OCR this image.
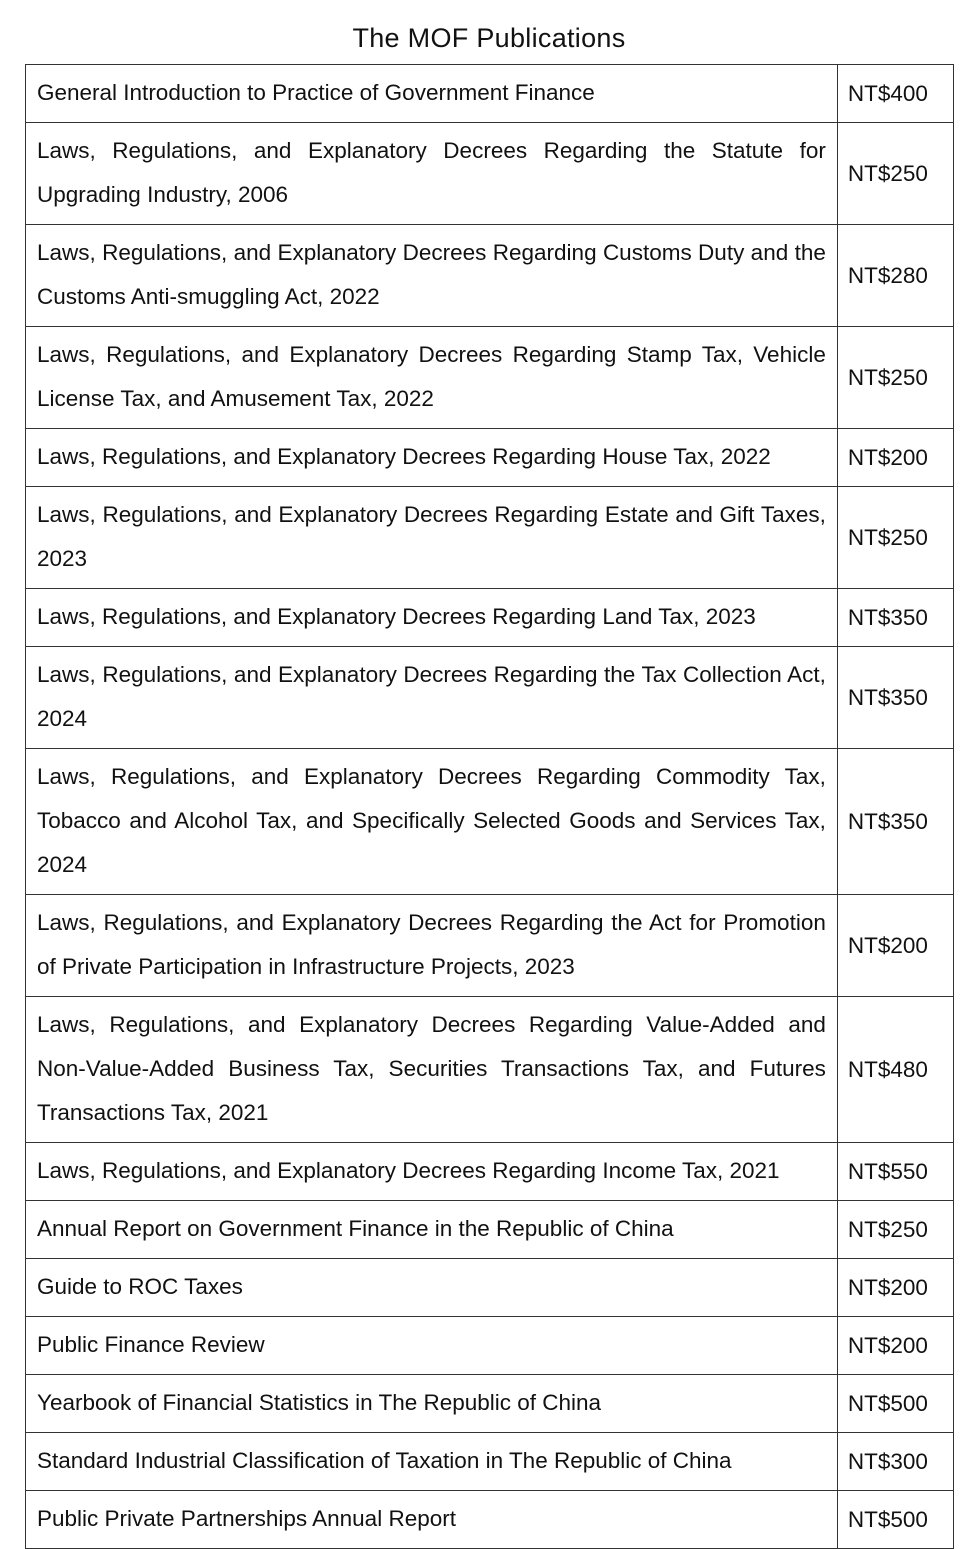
The MOF Publications
General Introduction to Practice of Government Finance	NT$400
Laws, Regulations, and Explanatory Decrees Regarding the Statute for Upgrading Industry, 2006	NT$250
Laws, Regulations, and Explanatory Decrees Regarding Customs Duty and the Customs Anti-smuggling Act, 2022	NT$280
Laws, Regulations, and Explanatory Decrees Regarding Stamp Tax, Vehicle License Tax, and Amusement Tax, 2022	NT$250
Laws, Regulations, and Explanatory Decrees Regarding House Tax, 2022	NT$200
Laws, Regulations, and Explanatory Decrees Regarding Estate and Gift Taxes, 2023	NT$250
Laws, Regulations, and Explanatory Decrees Regarding Land Tax, 2023	NT$350
Laws, Regulations, and Explanatory Decrees Regarding the Tax Collection Act, 2024	NT$350
Laws, Regulations, and Explanatory Decrees Regarding Commodity Tax, Tobacco and Alcohol Tax, and Specifically Selected Goods and Services Tax, 2024	NT$350
Laws, Regulations, and Explanatory Decrees Regarding the Act for Promotion of Private Participation in Infrastructure Projects, 2023	NT$200
Laws, Regulations, and Explanatory Decrees Regarding Value-Added and Non-Value-Added Business Tax, Securities Transactions Tax, and Futures Transactions Tax, 2021	NT$480
Laws, Regulations, and Explanatory Decrees Regarding Income Tax, 2021	NT$550
Annual Report on Government Finance in the Republic of China	NT$250
Guide to ROC Taxes	NT$200
Public Finance Review	NT$200
Yearbook of Financial Statistics in The Republic of China	NT$500
Standard Industrial Classification of Taxation in The Republic of China	NT$300
Public Private Partnerships Annual Report	NT$500
